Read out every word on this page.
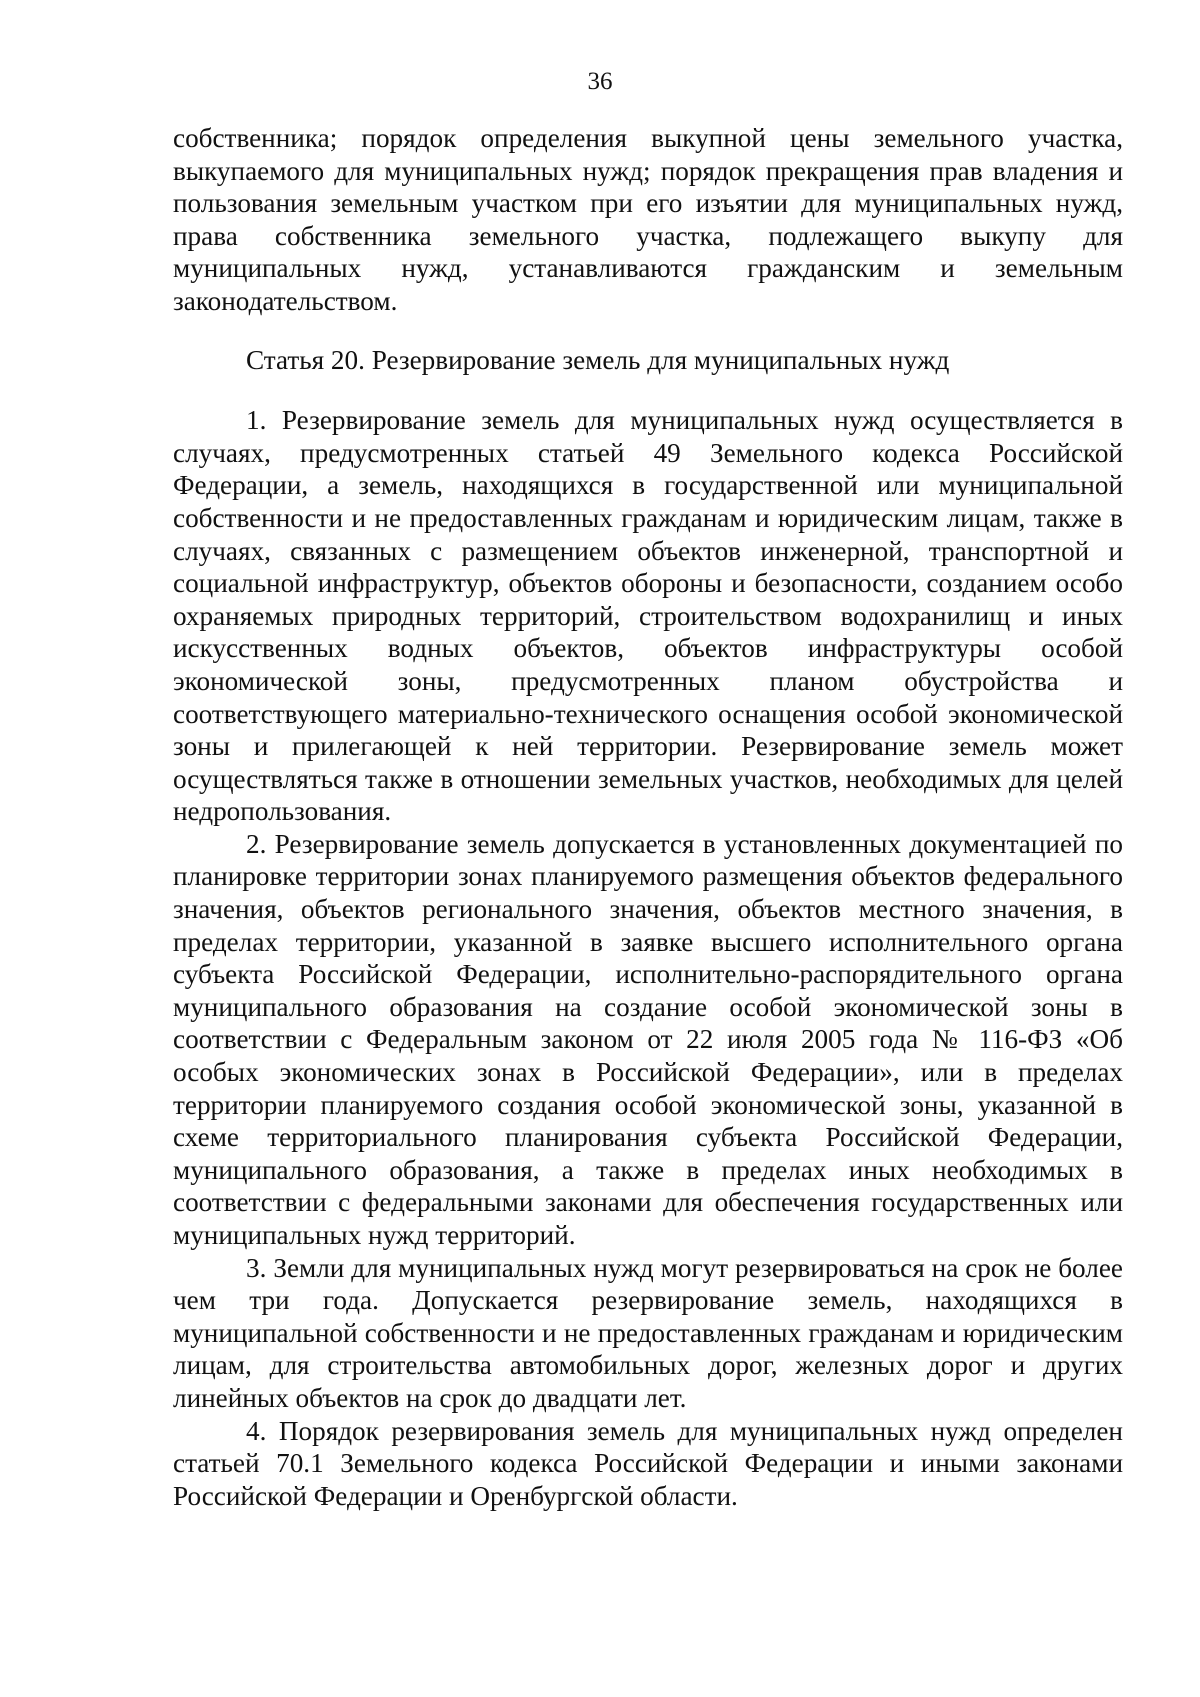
36

собственника; порядок определения выкупной цены земельного участка, выкупаемого для муниципальных нужд; порядок прекращения прав владения и пользования земельным участком при его изъятии для муниципальных нужд, права собственника земельного участка, подлежащего выкупу для муниципальных нужд, устанавливаются гражданским и земельным законодательством.

Статья 20. Резервирование земель для муниципальных нужд

1. Резервирование земель для муниципальных нужд осуществляется в случаях, предусмотренных статьей 49 Земельного кодекса Российской Федерации, а земель, находящихся в государственной или муниципальной собственности и не предоставленных гражданам и юридическим лицам, также в случаях, связанных с размещением объектов инженерной, транспортной и социальной инфраструктур, объектов обороны и безопасности, созданием особо охраняемых природных территорий, строительством водохранилищ и иных искусственных водных объектов, объектов инфраструктуры особой экономической зоны, предусмотренных планом обустройства и соответствующего материально-технического оснащения особой экономической зоны и прилегающей к ней территории. Резервирование земель может осуществляться также в отношении земельных участков, необходимых для целей недропользования.

2. Резервирование земель допускается в установленных документацией по планировке территории зонах планируемого размещения объектов федерального значения, объектов регионального значения, объектов местного значения, в пределах территории, указанной в заявке высшего исполнительного органа субъекта Российской Федерации, исполнительно-распорядительного органа муниципального образования на создание особой экономической зоны в соответствии с Федеральным законом от 22 июля 2005 года № 116-ФЗ «Об особых экономических зонах в Российской Федерации», или в пределах территории планируемого создания особой экономической зоны, указанной в схеме территориального планирования субъекта Российской Федерации, муниципального образования, а также в пределах иных необходимых в соответствии с федеральными законами для обеспечения государственных или муниципальных нужд территорий.

3. Земли для муниципальных нужд могут резервироваться на срок не более чем три года. Допускается резервирование земель, находящихся в муниципальной собственности и не предоставленных гражданам и юридическим лицам, для строительства автомобильных дорог, железных дорог и других линейных объектов на срок до двадцати лет.

4. Порядок резервирования земель для муниципальных нужд определен статьей 70.1 Земельного кодекса Российской Федерации и иными законами Российской Федерации и Оренбургской области.
